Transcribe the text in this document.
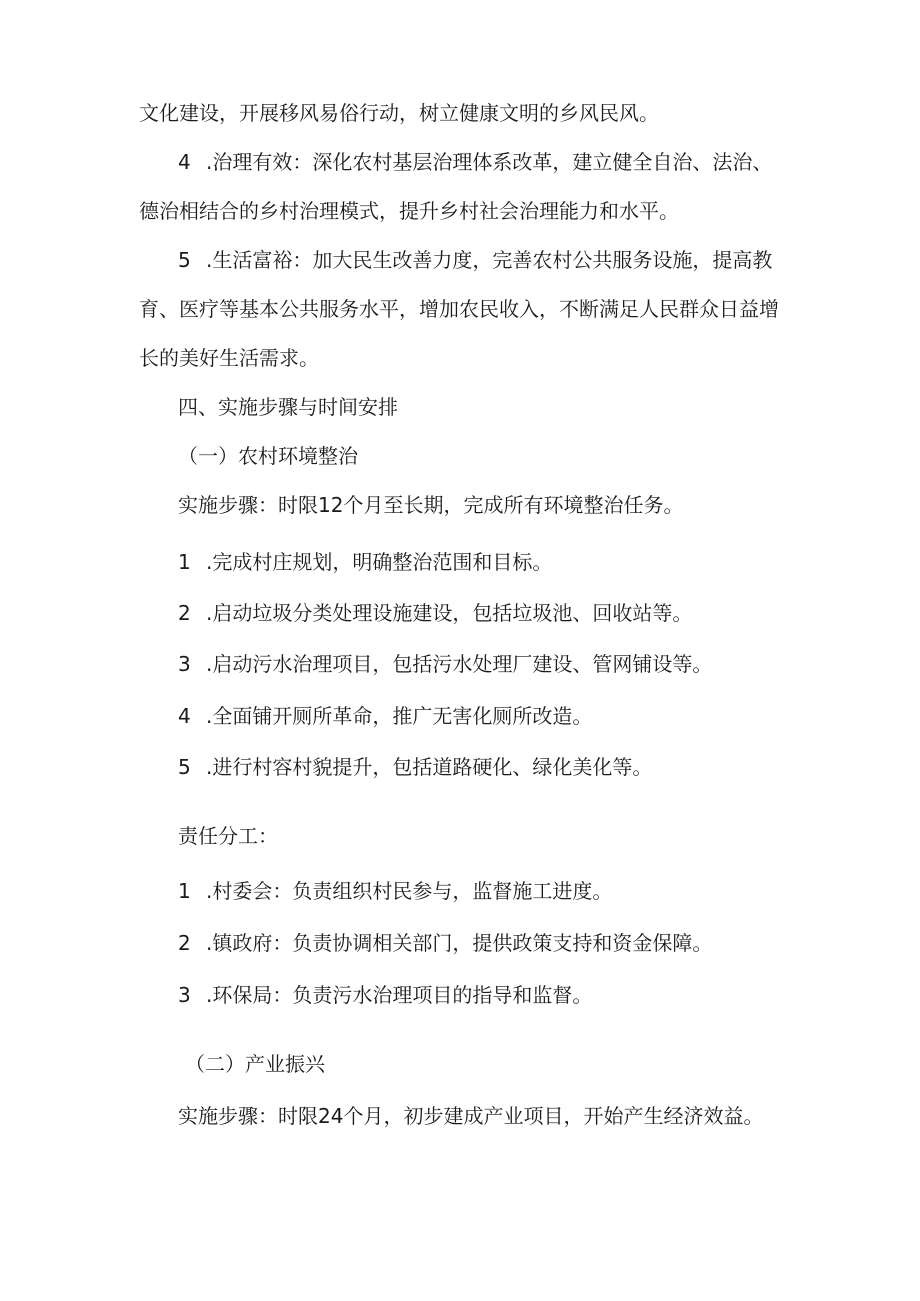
文化建设，开展移风易俗行动，树立健康文明的乡风民风。
4 .治理有效：深化农村基层治理体系改革，建立健全自治、法治、
德治相结合的乡村治理模式，提升乡村社会治理能力和水平。
5 .生活富裕：加大民生改善力度，完善农村公共服务设施，提高教
育、医疗等基本公共服务水平，增加农民收入，不断满足人民群众日益增
长的美好生活需求。
四、实施步骤与时间安排
（一）农村环境整治
实施步骤：时限12个月至长期，完成所有环境整治任务。
1 .完成村庄规划，明确整治范围和目标。
2 .启动垃圾分类处理设施建设，包括垃圾池、回收站等。
3 .启动污水治理项目，包括污水处理厂建设、管网铺设等。
4 .全面铺开厕所革命，推广无害化厕所改造。
5 .进行村容村貌提升，包括道路硬化、绿化美化等。
责任分工：
1 .村委会：负责组织村民参与，监督施工进度。
2 .镇政府：负责协调相关部门，提供政策支持和资金保障。
3 .环保局：负责污水治理项目的指导和监督。
（二）产业振兴
实施步骤：时限24个月，初步建成产业项目，开始产生经济效益。
